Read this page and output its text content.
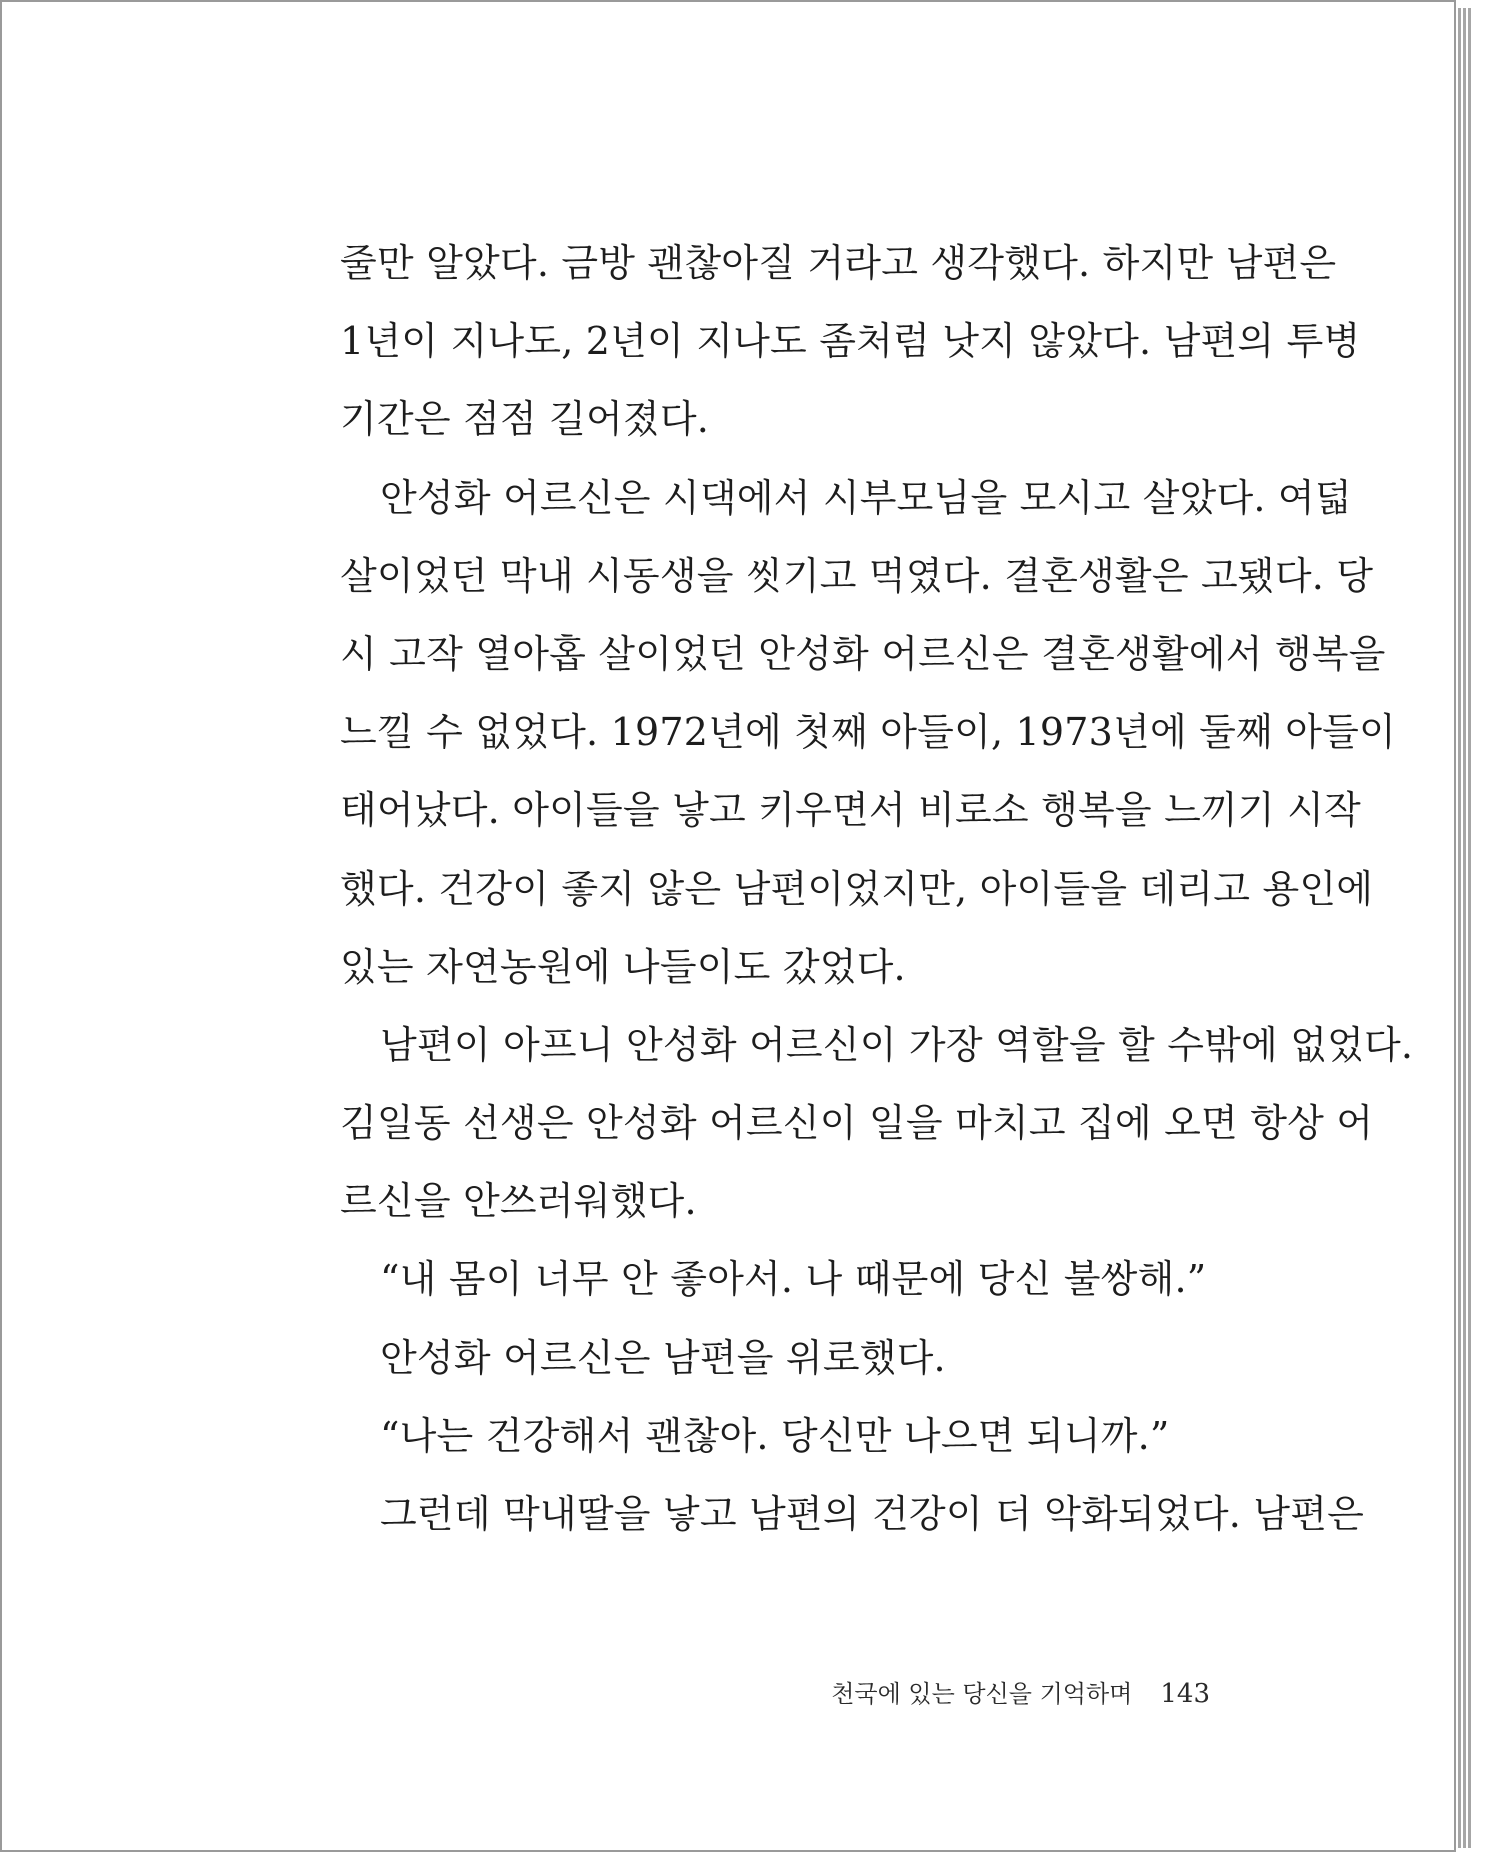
줄만 알았다. 금방 괜찮아질 거라고 생각했다. 하지만 남편은
1년이 지나도, 2년이 지나도 좀처럼 낫지 않았다. 남편의 투병
기간은 점점 길어졌다.
안성화 어르신은 시댁에서 시부모님을 모시고 살았다. 여덟
살이었던 막내 시동생을 씻기고 먹였다. 결혼생활은 고됐다. 당
시 고작 열아홉 살이었던 안성화 어르신은 결혼생활에서 행복을
느낄 수 없었다. 1972년에 첫째 아들이, 1973년에 둘째 아들이
태어났다. 아이들을 낳고 키우면서 비로소 행복을 느끼기 시작
했다. 건강이 좋지 않은 남편이었지만, 아이들을 데리고 용인에
있는 자연농원에 나들이도 갔었다.
남편이 아프니 안성화 어르신이 가장 역할을 할 수밖에 없었다.
김일동 선생은 안성화 어르신이 일을 마치고 집에 오면 항상 어
르신을 안쓰러워했다.
“내 몸이 너무 안 좋아서. 나 때문에 당신 불쌍해.”
안성화 어르신은 남편을 위로했다.
“나는 건강해서 괜찮아. 당신만 나으면 되니까.”
그런데 막내딸을 낳고 남편의 건강이 더 악화되었다. 남편은
천국에 있는 당신을 기억하며 143
